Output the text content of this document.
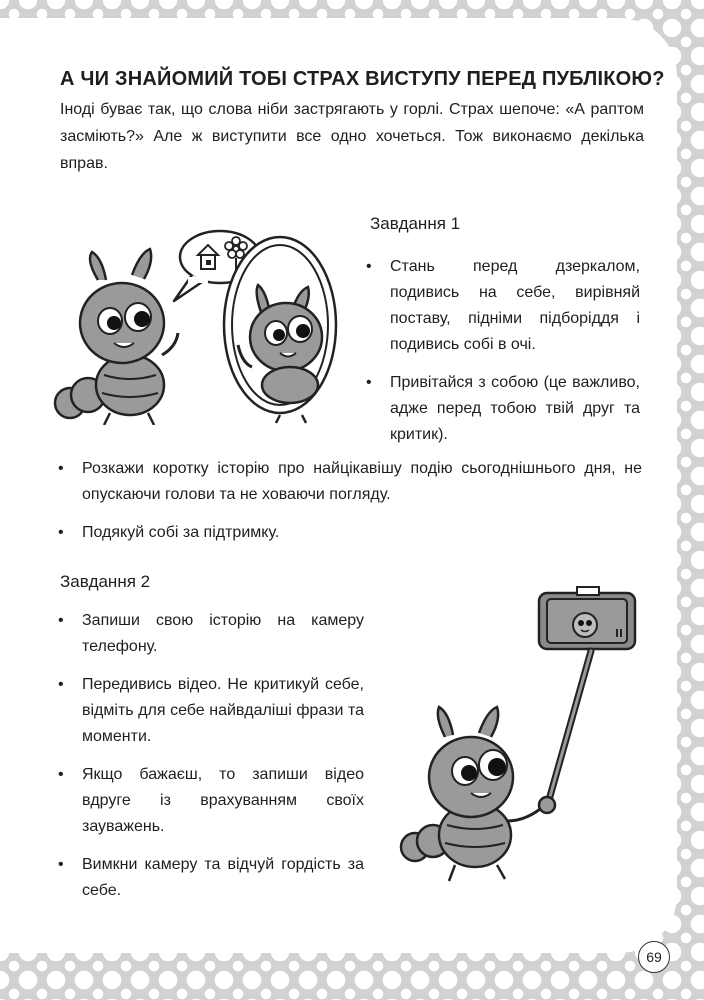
А ЧИ ЗНАЙОМИЙ ТОБІ СТРАХ ВИСТУПУ ПЕРЕД ПУБЛІКОЮ?

Іноді буває так, що слова ніби застрягають у горлі. Страх шепоче: «А раптом засміють?» Але ж виступити все одно хочеться. Тож виконаємо декілька вправ.

Завдання 1
• Стань перед дзеркалом, подивись на себе, вирівняй поставу, підніми підборіддя і подивись собі в очі.
• Привітайся з собою (це важливо, адже перед тобою твій друг та критик).
• Розкажи коротку історію про найцікавішу подію сьогоднішнього дня, не опускаючи голови та не ховаючи погляду.
• Подякуй собі за підтримку.
Завдання 2
• Запиши свою історію на камеру телефону.
• Передивись відео. Не критикуй себе, відміть для себе найвдаліші фрази та моменти.
• Якщо бажаєш, то запиши відео вдруге із врахуванням своїх зауважень.
• Вимкни камеру та відчуй гордість за себе.
69
